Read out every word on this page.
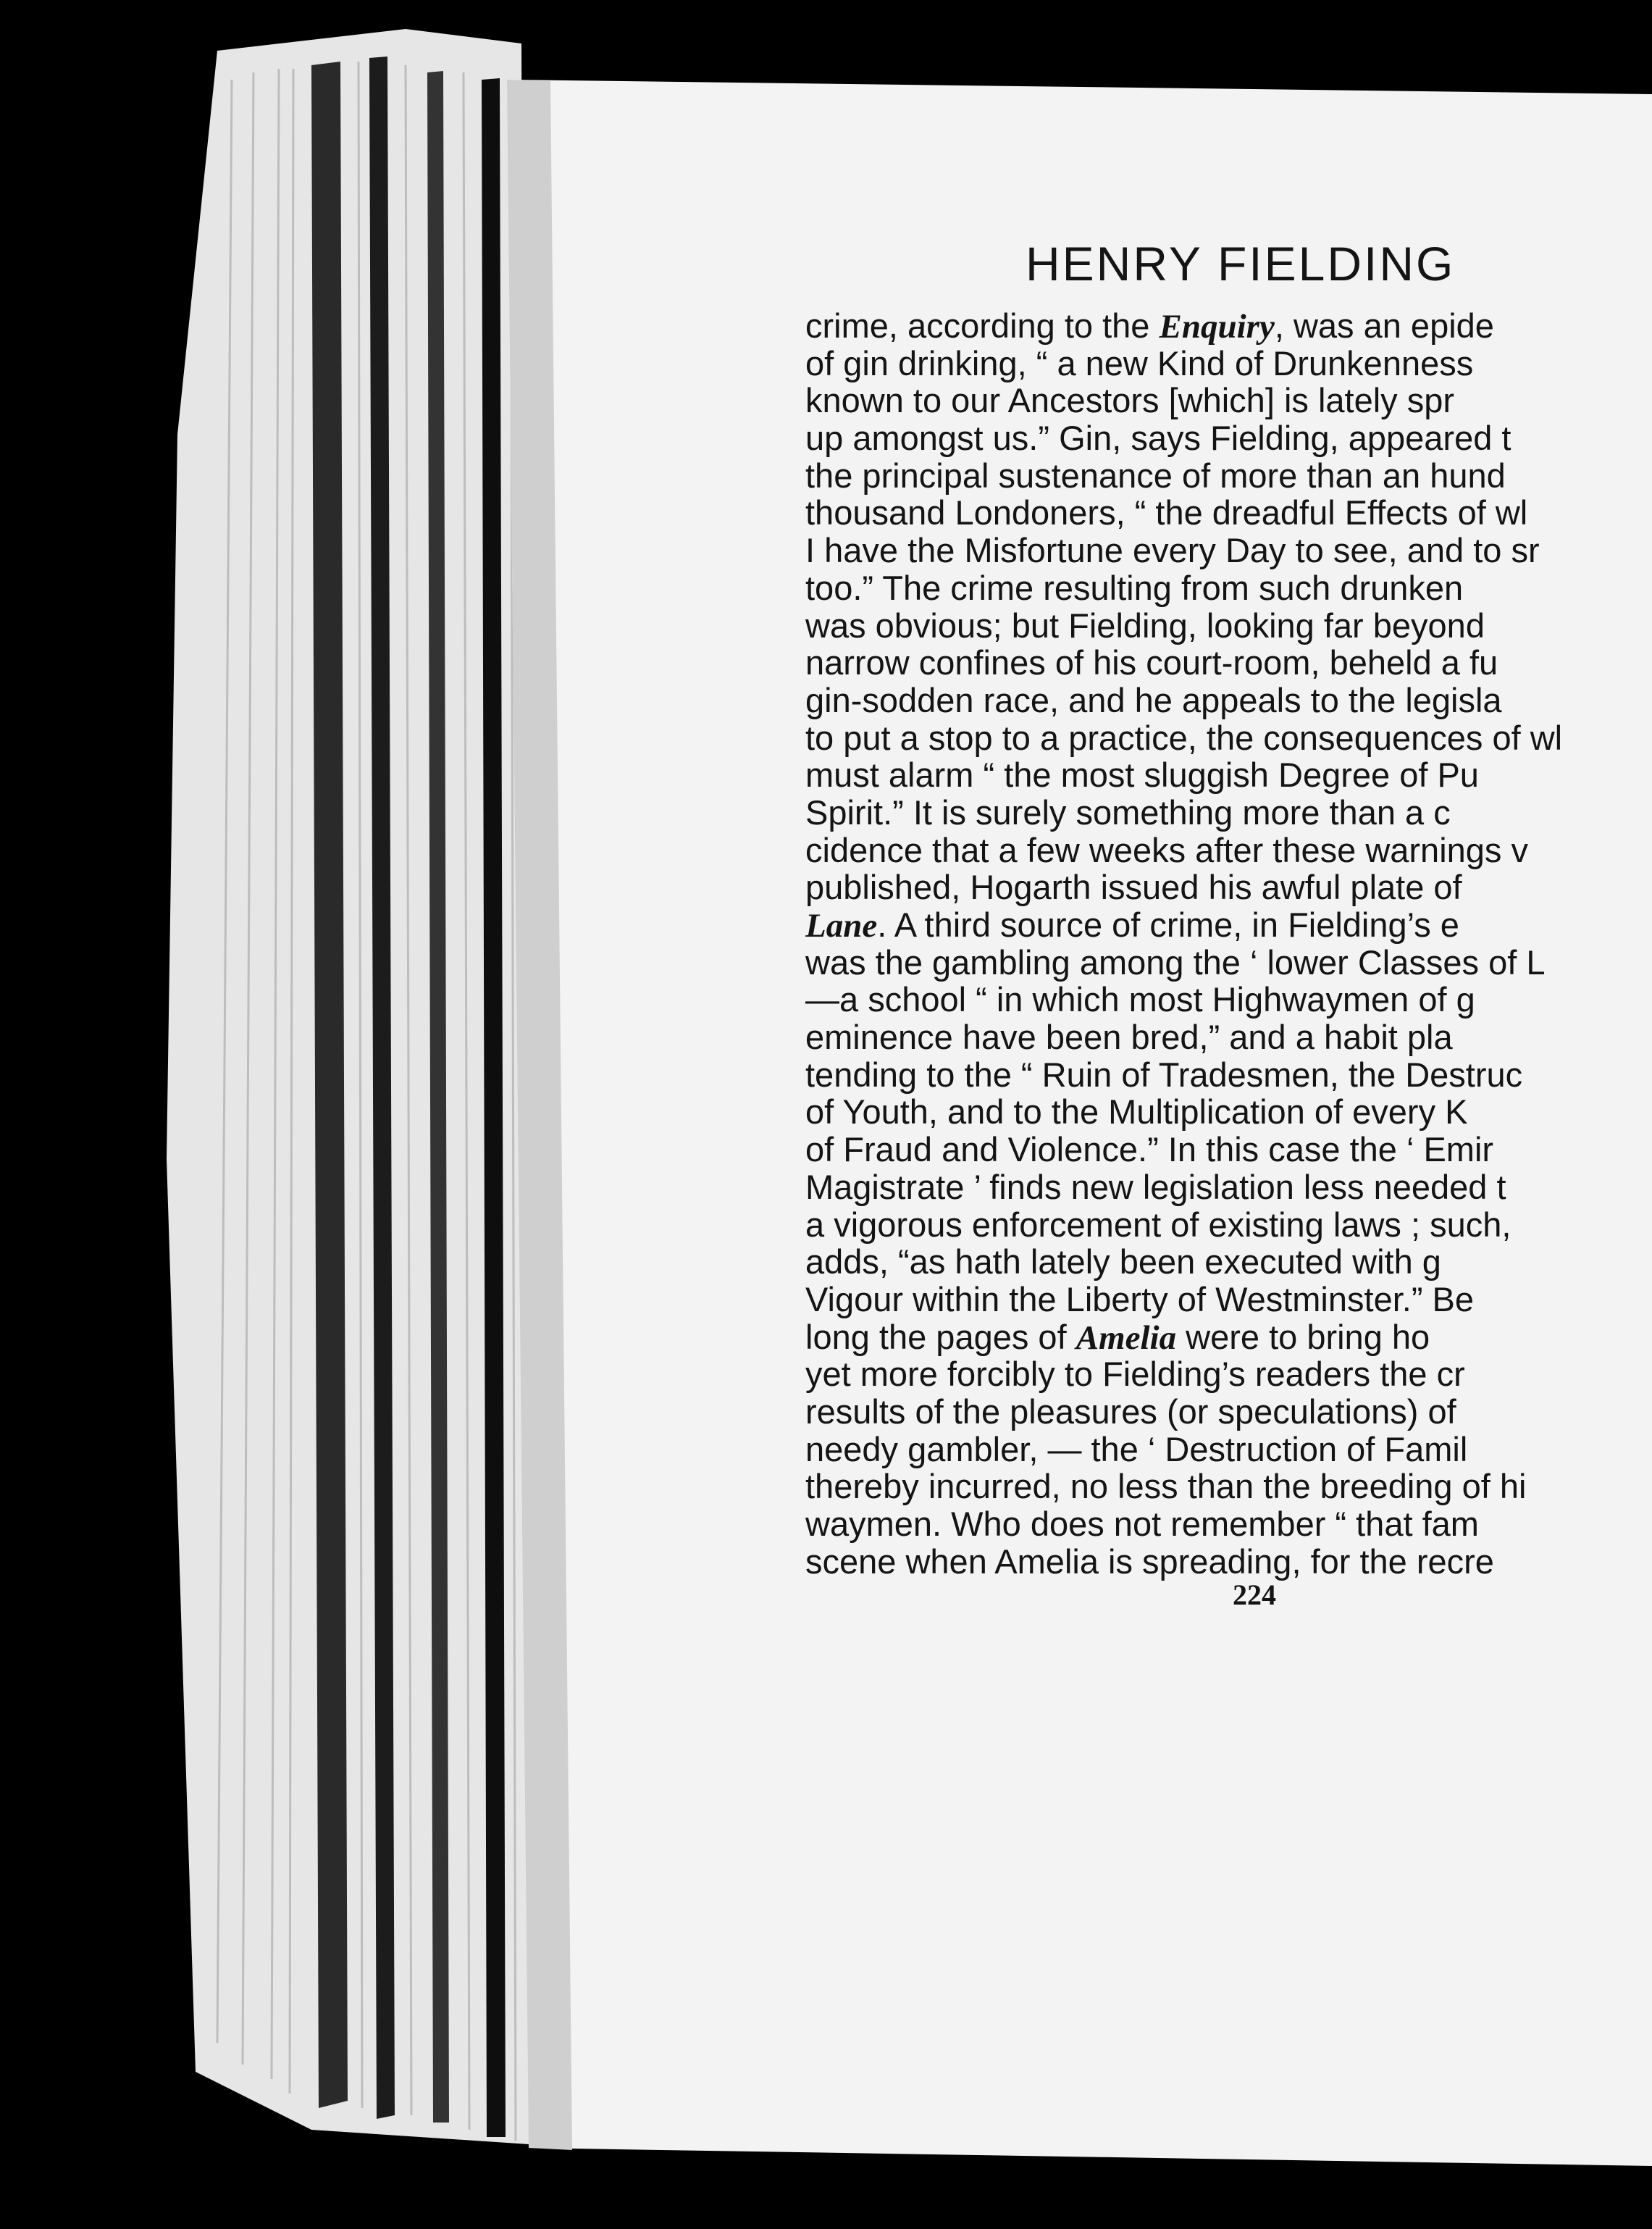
HENRY FIELDING
crime, according to the Enquiry, was an epide
of gin drinking, “ a new Kind of Drunkenness
known to our Ancestors [which] is lately spr
up amongst us.” Gin, says Fielding, appeared t
the principal sustenance of more than an hund
thousand Londoners, “ the dreadful Effects of wl
I have the Misfortune every Day to see, and to sr
too.” The crime resulting from such drunken
was obvious; but Fielding, looking far beyond
narrow confines of his court-room, beheld a fu
gin-sodden race, and he appeals to the legisla
to put a stop to a practice, the consequences of wl
must alarm “ the most sluggish Degree of Pu
Spirit.” It is surely something more than a c
cidence that a few weeks after these warnings v
published, Hogarth issued his awful plate of
Lane. A third source of crime, in Fielding’s e
was the gambling among the ‘ lower Classes of L
—a school “ in which most Highwaymen of g
eminence have been bred,” and a habit pla
tending to the “ Ruin of Tradesmen, the Destruc
of Youth, and to the Multiplication of every K
of Fraud and Violence.” In this case the ‘ Emir
Magistrate ’ finds new legislation less needed t
a vigorous enforcement of existing laws ; such,
adds, “as hath lately been executed with g
Vigour within the Liberty of Westminster.” Be
long the pages of Amelia were to bring ho
yet more forcibly to Fielding’s readers the cr
results of the pleasures (or speculations) of
needy gambler, — the ‘ Destruction of Famil
thereby incurred, no less than the breeding of hi
waymen. Who does not remember “ that fam
scene when Amelia is spreading, for the recre
224
